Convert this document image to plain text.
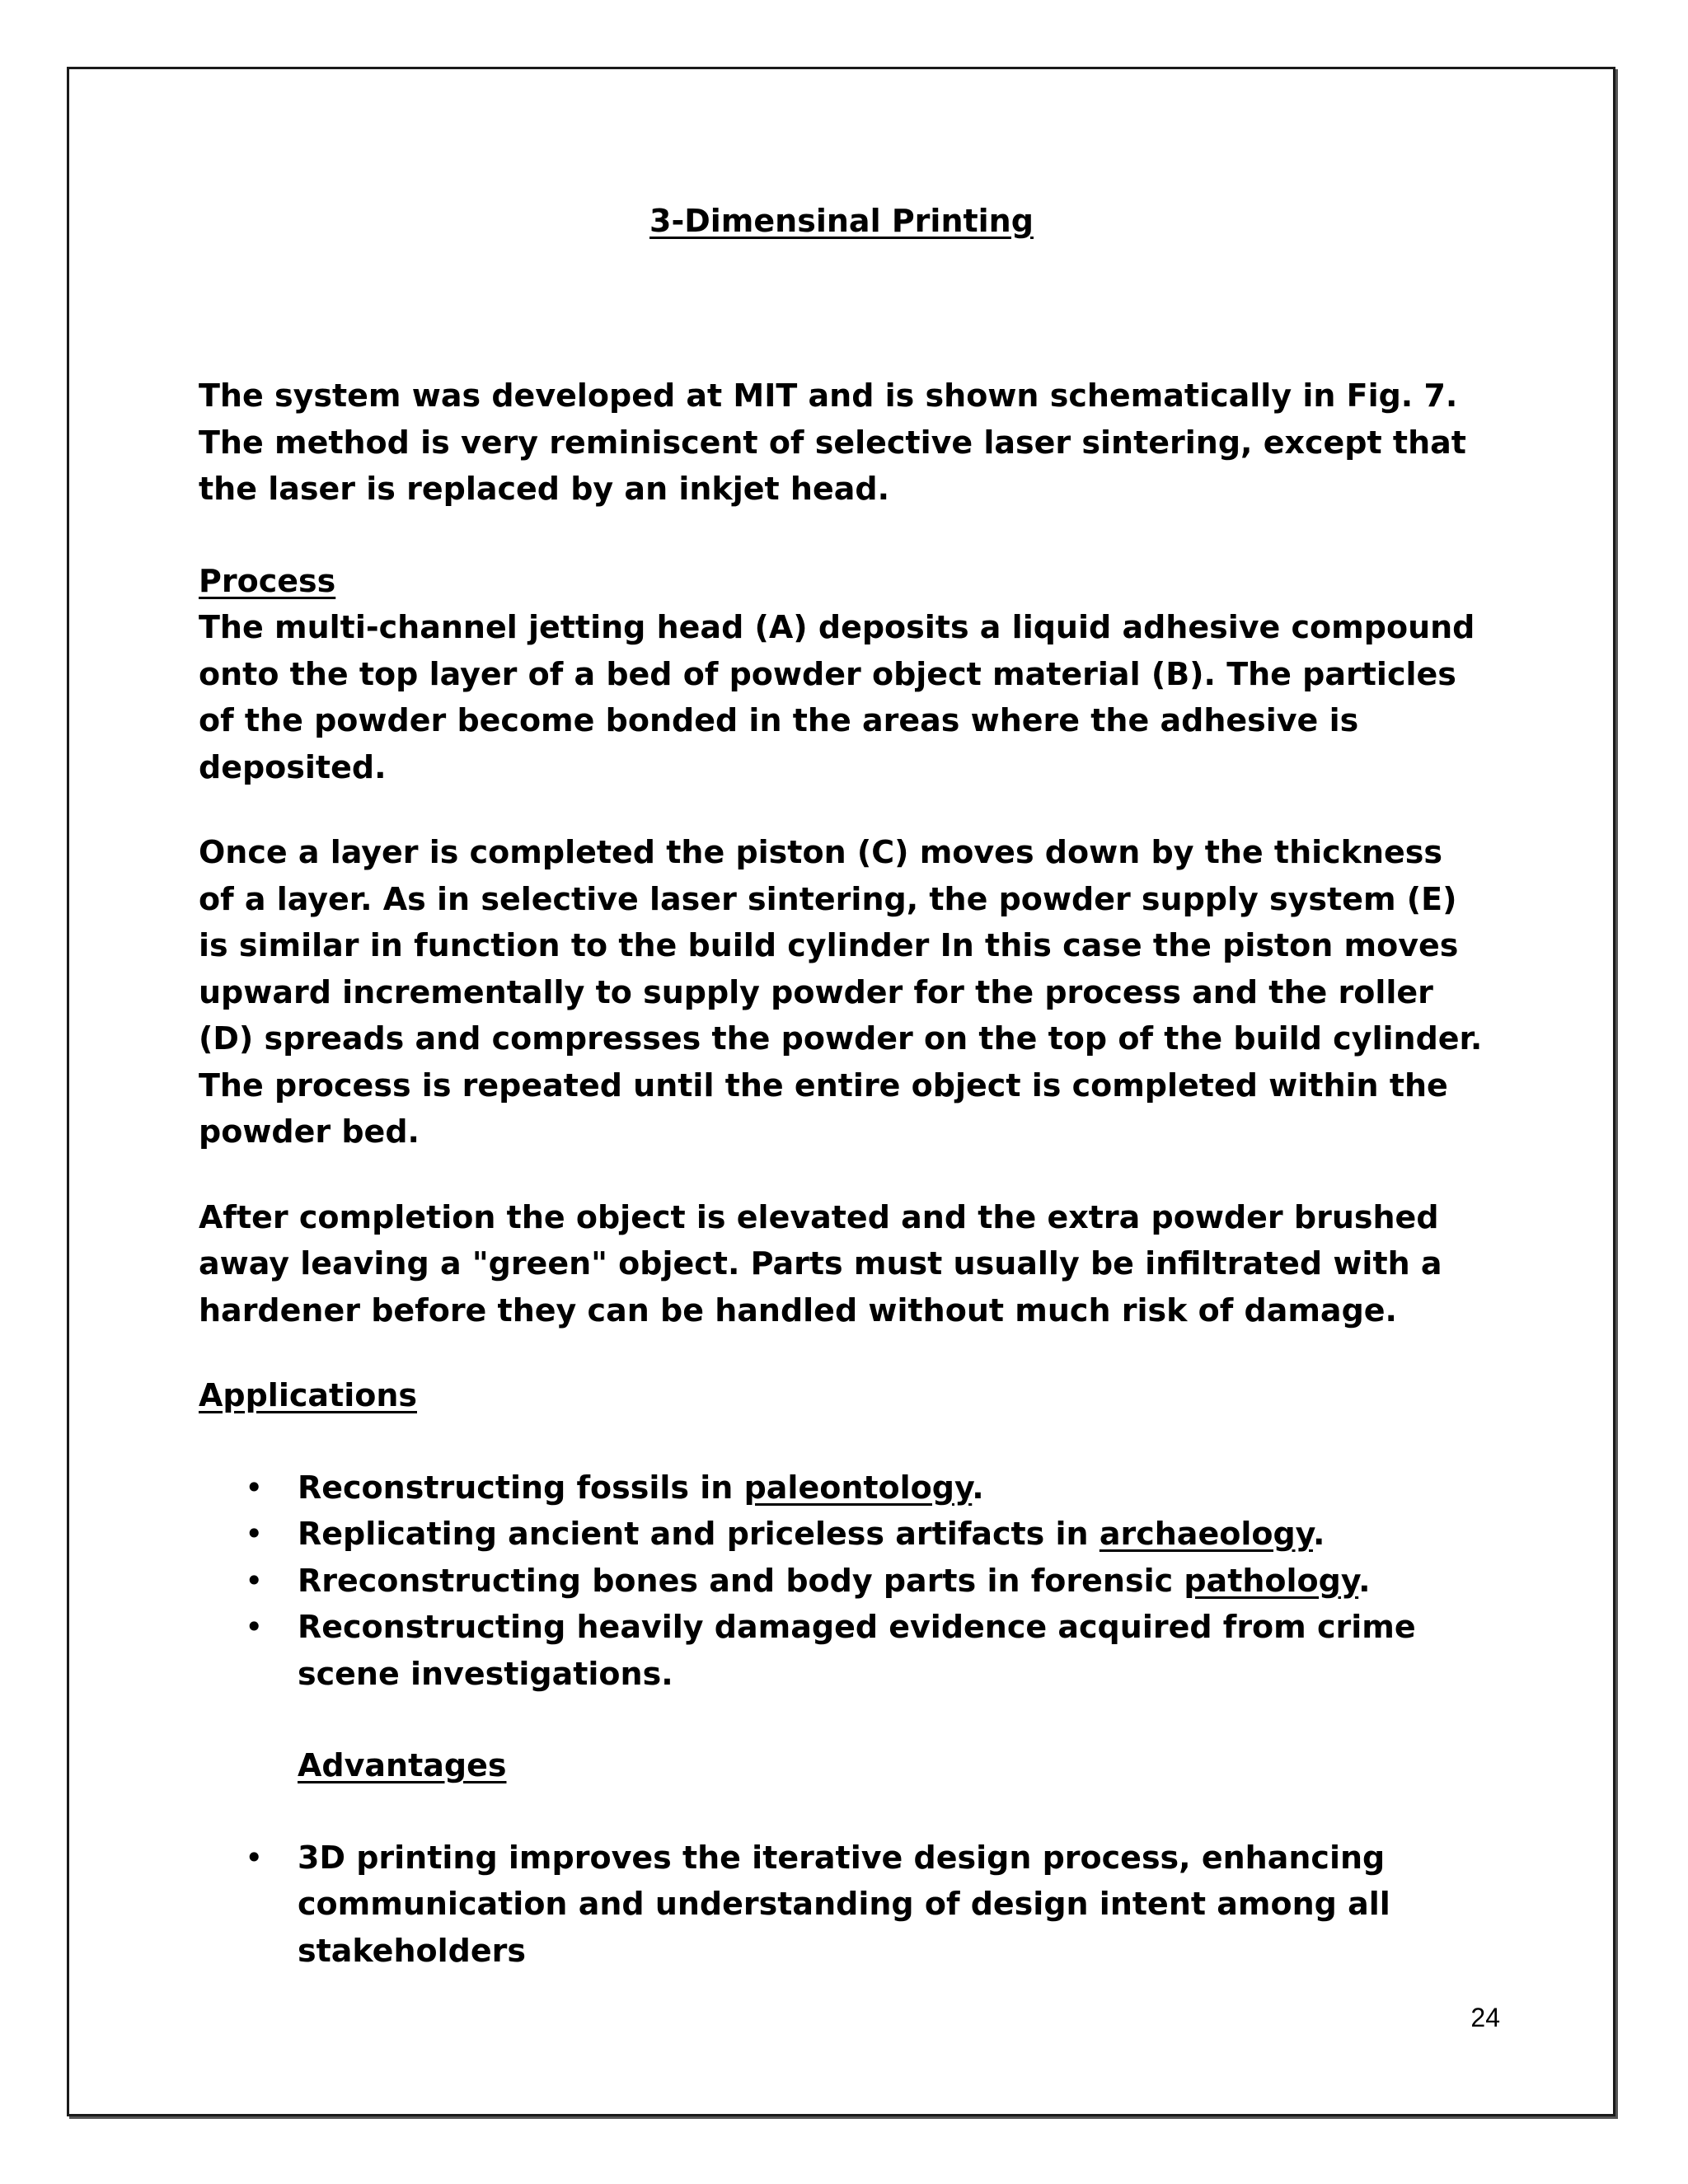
3-Dimensinal Printing

The system was developed at MIT and is shown schematically in Fig. 7. The method is very reminiscent of selective laser sintering, except that the laser is replaced by an inkjet head.

Process

The multi-channel jetting head (A) deposits a liquid adhesive compound onto the top layer of a bed of powder object material (B). The particles of the powder become bonded in the areas where the adhesive is deposited.

Once a layer is completed the piston (C) moves down by the thickness of a layer. As in selective laser sintering, the powder supply system (E) is similar in function to the build cylinder In this case the piston moves upward incrementally to supply powder for the process and the roller (D) spreads and compresses the powder on the top of the build cylinder. The process is repeated until the entire object is completed within the powder bed.

After completion the object is elevated and the extra powder brushed away leaving a "green" object. Parts must usually be infiltrated with a hardener before they can be handled without much risk of damage.

Applications

• Reconstructing fossils in paleontology.
• Replicating ancient and priceless artifacts in archaeology.
• Rreconstructing bones and body parts in forensic pathology.
• Reconstructing heavily damaged evidence acquired from crime scene investigations.

Advantages

• 3D printing improves the iterative design process, enhancing communication and understanding of design intent among all stakeholders
24
